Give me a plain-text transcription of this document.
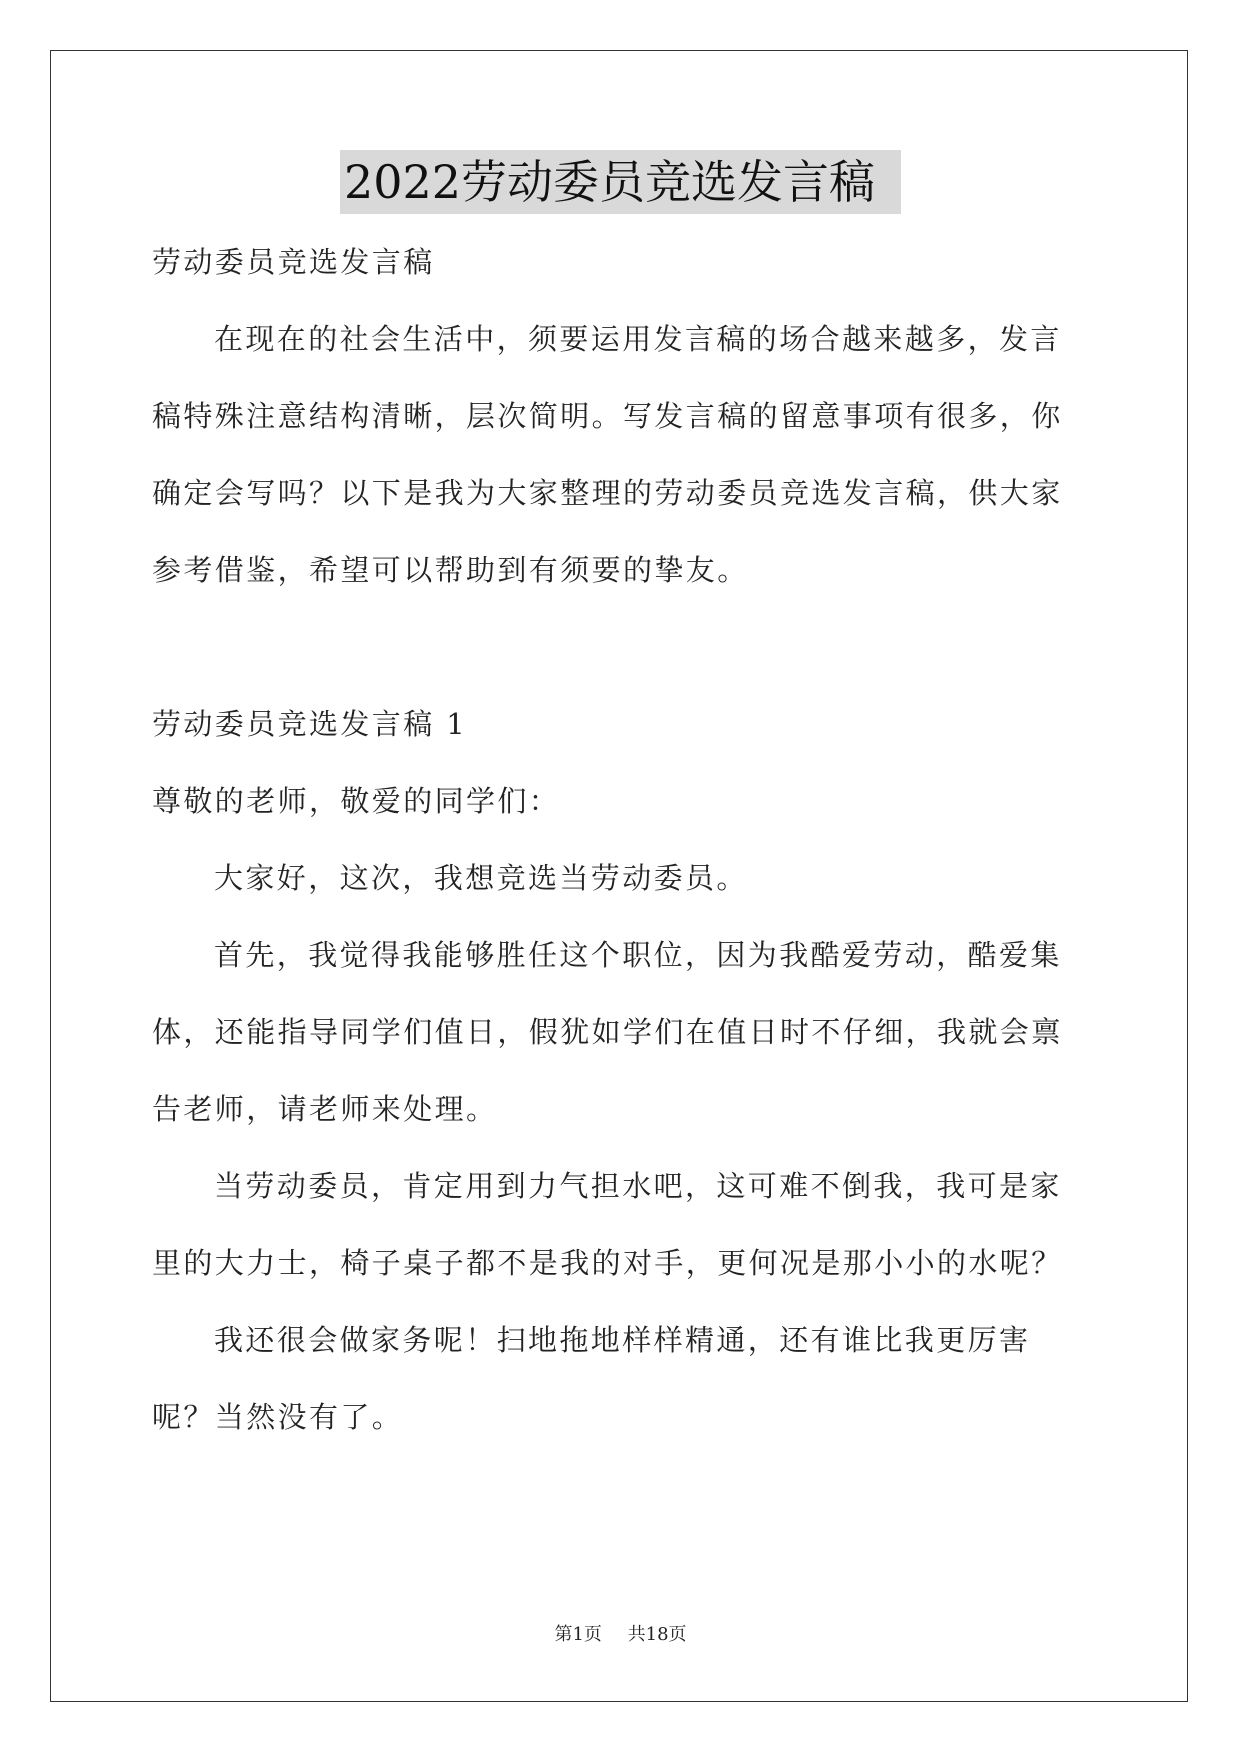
2022劳动委员竞选发言稿

劳动委员竞选发言稿

在现在的社会生活中，须要运用发言稿的场合越来越多，发言稿特殊注意结构清晰，层次简明。写发言稿的留意事项有很多，你确定会写吗？以下是我为大家整理的劳动委员竞选发言稿，供大家参考借鉴，希望可以帮助到有须要的挚友。

劳动委员竞选发言稿 1

尊敬的老师，敬爱的同学们：

大家好，这次，我想竞选当劳动委员。

首先，我觉得我能够胜任这个职位，因为我酷爱劳动，酷爱集体，还能指导同学们值日，假犹如学们在值日时不仔细，我就会禀告老师，请老师来处理。

当劳动委员，肯定用到力气担水吧，这可难不倒我，我可是家里的大力士，椅子桌子都不是我的对手，更何况是那小小的水呢？

我还很会做家务呢！扫地拖地样样精通，还有谁比我更厉害呢？当然没有了。

第1页 共18页
